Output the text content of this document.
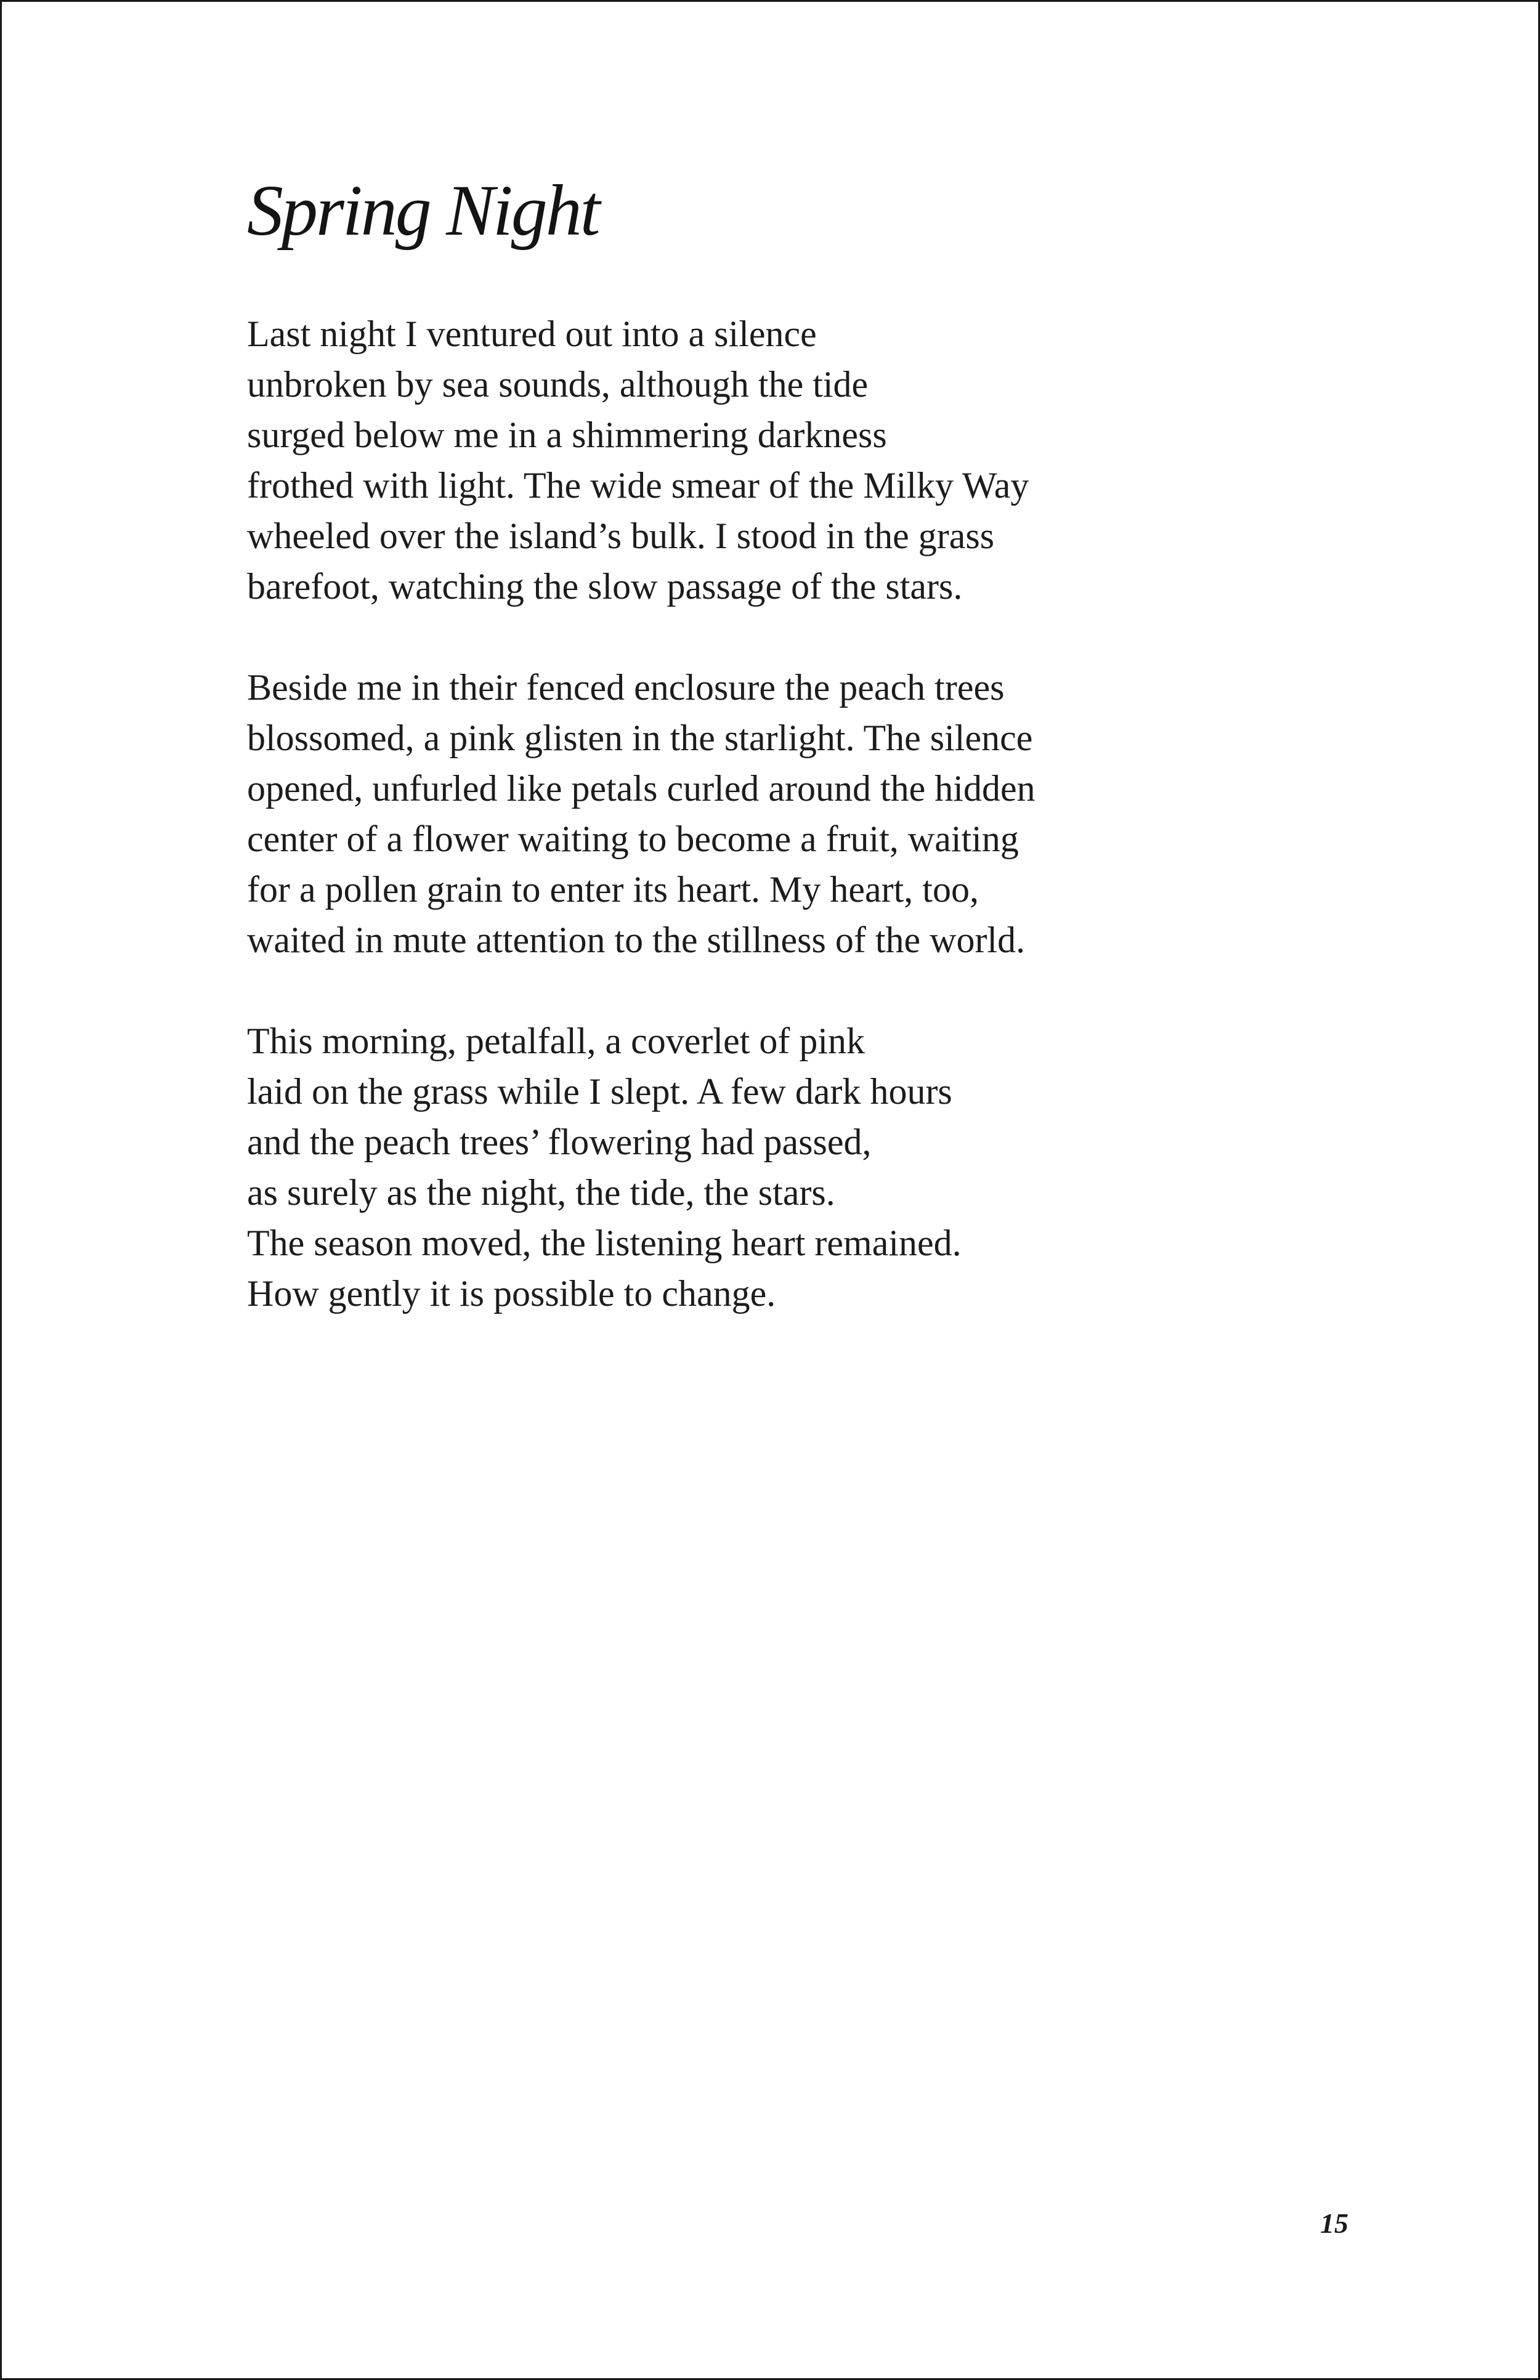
Spring Night
Last night I ventured out into a silence
unbroken by sea sounds, although the tide
surged below me in a shimmering darkness
frothed with light. The wide smear of the Milky Way
wheeled over the island’s bulk. I stood in the grass
barefoot, watching the slow passage of the stars.
Beside me in their fenced enclosure the peach trees
blossomed, a pink glisten in the starlight. The silence
opened, unfurled like petals curled around the hidden
center of a flower waiting to become a fruit, waiting
for a pollen grain to enter its heart. My heart, too,
waited in mute attention to the stillness of the world.
This morning, petalfall, a coverlet of pink
laid on the grass while I slept. A few dark hours
and the peach trees’ flowering had passed,
as surely as the night, the tide, the stars.
The season moved, the listening heart remained.
How gently it is possible to change.
15
